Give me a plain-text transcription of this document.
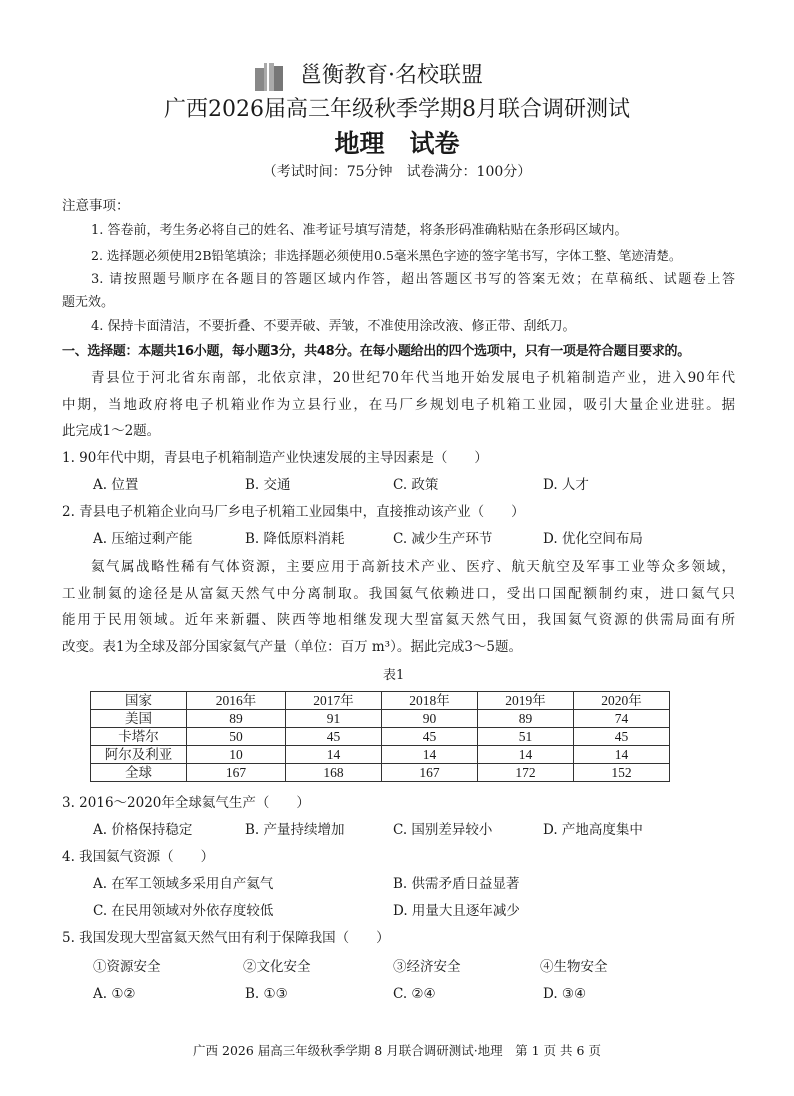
邕衡教育·名校联盟
广西2026届高三年级秋季学期8月联合调研测试
地理　试卷
（考试时间：75分钟　试卷满分：100分）
注意事项：
1. 答卷前，考生务必将自己的姓名、准考证号填写清楚，将条形码准确粘贴在条形码区域内。
2. 选择题必须使用2B铅笔填涂；非选择题必须使用0.5毫米黑色字迹的签字笔书写，字体工整、笔迹清楚。
3. 请按照题号顺序在各题目的答题区域内作答，超出答题区书写的答案无效；在草稿纸、试题卷上答
题无效。
4. 保持卡面清洁，不要折叠、不要弄破、弄皱，不准使用涂改液、修正带、刮纸刀。
一、选择题：本题共16小题，每小题3分，共48分。在每小题给出的四个选项中，只有一项是符合题目要求的。
青县位于河北省东南部，北依京津，20世纪70年代当地开始发展电子机箱制造产业，进入90年代
中期，当地政府将电子机箱业作为立县行业，在马厂乡规划电子机箱工业园，吸引大量企业进驻。据
此完成1～2题。
1. 90年代中期，青县电子机箱制造产业快速发展的主导因素是（　　）
A. 位置	B. 交通	C. 政策	D. 人才
2. 青县电子机箱企业向马厂乡电子机箱工业园集中，直接推动该产业（　　）
A. 压缩过剩产能	B. 降低原料消耗	C. 减少生产环节	D. 优化空间布局
氦气属战略性稀有气体资源，主要应用于高新技术产业、医疗、航天航空及军事工业等众多领域，
工业制氦的途径是从富氦天然气中分离制取。我国氦气依赖进口，受出口国配额制约束，进口氦气只
能用于民用领域。近年来新疆、陕西等地相继发现大型富氦天然气田，我国氦气资源的供需局面有所
改变。表1为全球及部分国家氦气产量（单位：百万 m³）。据此完成3～5题。
表1
国家	2016年	2017年	2018年	2019年	2020年
美国	89	91	90	89	74
卡塔尔	50	45	45	51	45
阿尔及利亚	10	14	14	14	14
全球	167	168	167	172	152
3. 2016～2020年全球氦气生产（　　）
A. 价格保持稳定	B. 产量持续增加	C. 国别差异较小	D. 产地高度集中
4. 我国氦气资源（　　）
A. 在军工领域多采用自产氦气	B. 供需矛盾日益显著
C. 在民用领域对外依存度较低	D. 用量大且逐年减少
5. 我国发现大型富氦天然气田有利于保障我国（　　）
①资源安全	②文化安全	③经济安全	④生物安全
A. ①②	B. ①③	C. ②④	D. ③④
广西 2026 届高三年级秋季学期 8 月联合调研测试·地理　第 1 页 共 6 页
